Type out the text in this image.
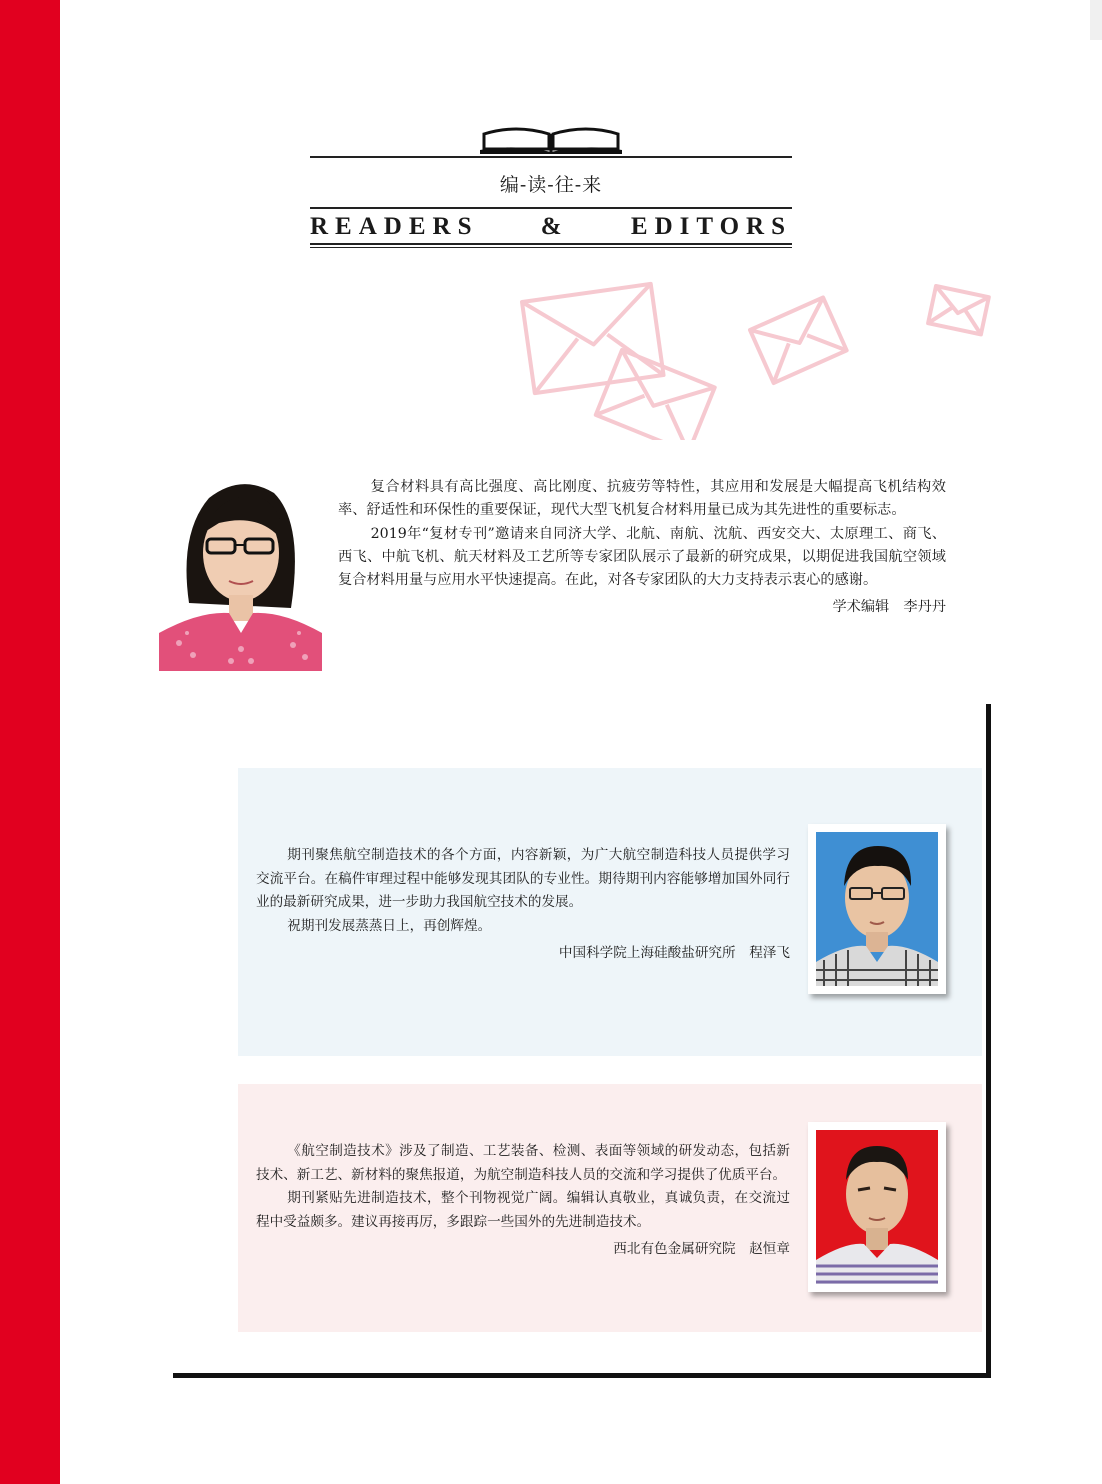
编-读-往-来
READERS & EDITORS

复合材料具有高比强度、高比刚度、抗疲劳等特性，其应用和发展是大幅提高飞机结构效率、舒适性和环保性的重要保证，现代大型飞机复合材料用量已成为其先进性的重要标志。

2019年“复材专刊”邀请来自同济大学、北航、南航、沈航、西安交大、太原理工、商飞、西飞、中航飞机、航天材料及工艺所等专家团队展示了最新的研究成果，以期促进我国航空领域复合材料用量与应用水平快速提高。在此，对各专家团队的大力支持表示衷心的感谢。

学术编辑　李丹丹

期刊聚焦航空制造技术的各个方面，内容新颖，为广大航空制造科技人员提供学习交流平台。在稿件审理过程中能够发现其团队的专业性。期待期刊内容能够增加国外同行业的最新研究成果，进一步助力我国航空技术的发展。

祝期刊发展蒸蒸日上，再创辉煌。

中国科学院上海硅酸盐研究所　程泽飞

《航空制造技术》涉及了制造、工艺装备、检测、表面等领域的研发动态，包括新技术、新工艺、新材料的聚焦报道，为航空制造科技人员的交流和学习提供了优质平台。

期刊紧贴先进制造技术，整个刊物视觉广阔。编辑认真敬业，真诚负责，在交流过程中受益颇多。建议再接再厉，多跟踪一些国外的先进制造技术。

西北有色金属研究院　赵恒章
